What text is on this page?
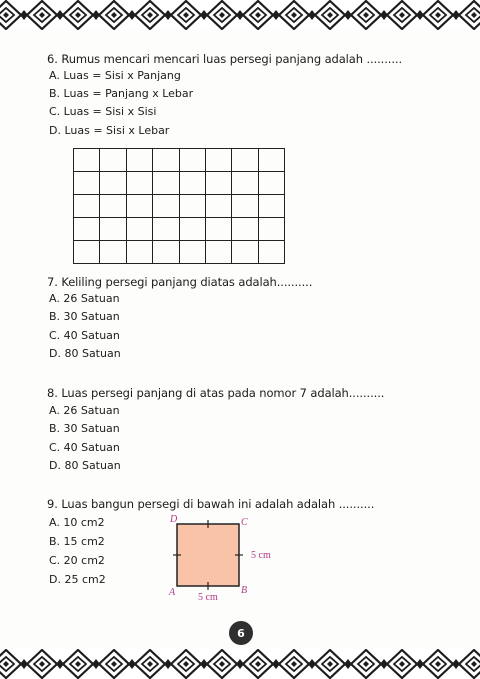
6. Rumus mencari mencari luas persegi panjang adalah ..........
A. Luas = Sisi x Panjang
B. Luas = Panjang x Lebar
C. Luas = Sisi x Sisi
D. Luas = Sisi x Lebar

7. Keliling persegi panjang diatas adalah..........
A. 26 Satuan
B. 30 Satuan
C. 40 Satuan
D. 80 Satuan
8. Luas persegi panjang di atas pada nomor 7 adalah..........
A. 26 Satuan
B. 30 Satuan
C. 40 Satuan
D. 80 Satuan
9. Luas bangun persegi di bawah ini adalah adalah ..........
A. 10 cm2
B. 15 cm2
C. 20 cm2
D. 25 cm2
D	C
A	B
5 cm
5 cm
6
